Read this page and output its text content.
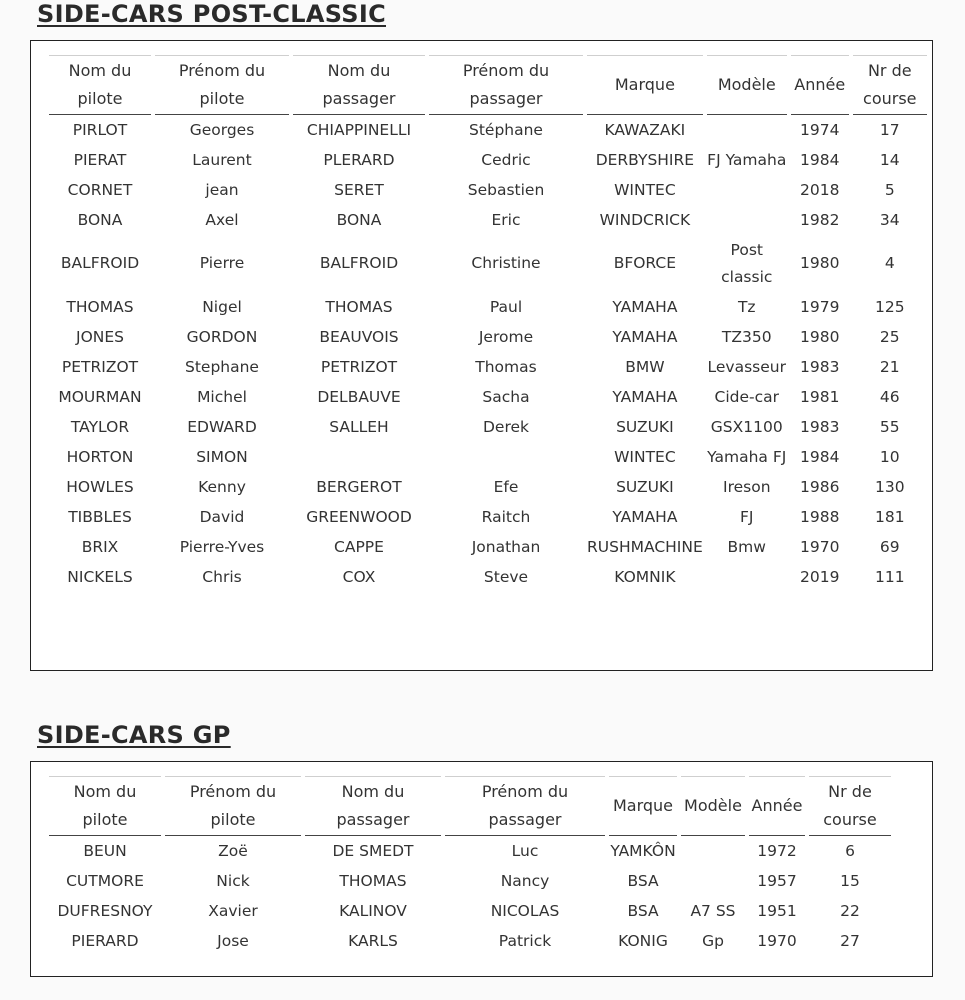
SIDE-CARS POST-CLASSIC
Nom du pilote	Prénom du pilote	Nom du passager	Prénom du passager	Marque	Modèle	Année	Nr de course
PIRLOT	Georges	CHIAPPINELLI	Stéphane	KAWAZAKI		1974	17
PIERAT	Laurent	PLERARD	Cedric	DERBYSHIRE	FJ Yamaha	1984	14
CORNET	jean	SERET	Sebastien	WINTEC		2018	5
BONA	Axel	BONA	Eric	WINDCRICK		1982	34
BALFROID	Pierre	BALFROID	Christine	BFORCE	Post classic	1980	4
THOMAS	Nigel	THOMAS	Paul	YAMAHA	Tz	1979	125
JONES	GORDON	BEAUVOIS	Jerome	YAMAHA	TZ350	1980	25
PETRIZOT	Stephane	PETRIZOT	Thomas	BMW	Levasseur	1983	21
MOURMAN	Michel	DELBAUVE	Sacha	YAMAHA	Cide-car	1981	46
TAYLOR	EDWARD	SALLEH	Derek	SUZUKI	GSX1100	1983	55
HORTON	SIMON			WINTEC	Yamaha FJ	1984	10
HOWLES	Kenny	BERGEROT	Efe	SUZUKI	Ireson	1986	130
TIBBLES	David	GREENWOOD	Raitch	YAMAHA	FJ	1988	181
BRIX	Pierre-Yves	CAPPE	Jonathan	RUSHMACHINE	Bmw	1970	69
NICKELS	Chris	COX	Steve	KOMNIK		2019	111
SIDE-CARS GP
Nom du pilote	Prénom du pilote	Nom du passager	Prénom du passager	Marque	Modèle	Année	Nr de course
BEUN	Zoë	DE SMEDT	Luc	YAMKÔN		1972	6
CUTMORE	Nick	THOMAS	Nancy	BSA		1957	15
DUFRESNOY	Xavier	KALINOV	NICOLAS	BSA	A7 SS	1951	22
PIERARD	Jose	KARLS	Patrick	KONIG	Gp	1970	27
